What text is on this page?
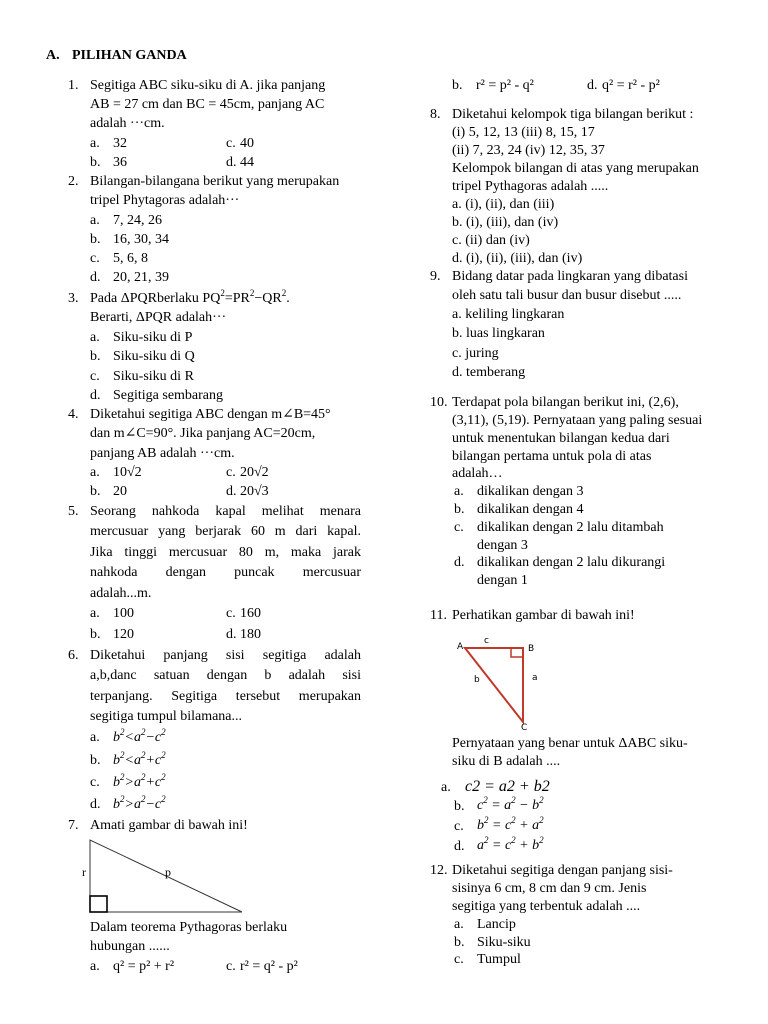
A. PILIHAN GANDA
1. Segitiga ABC siku-siku di A. jika panjang
AB = 27 cm dan BC = 45cm, panjang AC
adalah ···cm.
a. 32
b. 36
c. 40
d. 44
2. Bilangan-bilangana berikut yang merupakan
tripel Phytagoras adalah···
a. 7, 24, 26
b. 16, 30, 34
c. 5, 6, 8
d. 20, 21, 39
3. Pada ΔPQRberlaku $PQ^2=PR^2-QR^2$.
Berarti, ΔPQR adalah···
a. Siku-siku di P
b. Siku-siku di Q
c. Siku-siku di R
d. Segitiga sembarang
4. Diketahui segitiga ABC dengan m∠B=45°
dan m∠C=90°. Jika panjang AC=20cm,
panjang AB adalah ···cm.
a. 10√2
b. 20
c. 20√2
d. 20√3
5. Seorang nahkoda kapal melihat menara
mercusuar yang berjarak 60 m dari kapal.
Jika tinggi mercusuar 80 m, maka jarak
nahkoda dengan puncak mercusuar
adalah...m.
a. 100
b. 120
c. 160
d. 180
6. Diketahui panjang sisi segitiga adalah
a,b,danc satuan dengan b adalah sisi
terpanjang. Segitiga tersebut merupakan
segitiga tumpul bilamana...
a. $b^2<a^2-c^2$
b. $b^2<a^2+c^2$
c. $b^2>a^2+c^2$
d. $b^2>a^2-c^2$
7. Amati gambar di bawah ini!
r	p
Dalam teorema Pythagoras berlaku
hubungan ......
a. q² = p² + r²	c. r² = q² - p²
b. r² = p² - q²	d. q² = r² - p²
8. Diketahui kelompok tiga bilangan berikut :
(i) 5, 12, 13 (iii) 8, 15, 17
(ii) 7, 23, 24 (iv) 12, 35, 37
Kelompok bilangan di atas yang merupakan
tripel Pythagoras adalah .....
a. (i), (ii), dan (iii)
b. (i), (iii), dan (iv)
c. (ii) dan (iv)
d. (i), (ii), (iii), dan (iv)
9. Bidang datar pada lingkaran yang dibatasi
oleh satu tali busur dan busur disebut .....
a. keliling lingkaran
b. luas lingkaran
c. juring
d. temberang
10. Terdapat pola bilangan berikut ini, (2,6),
(3,11), (5,19). Pernyataan yang paling sesuai
untuk menentukan bilangan kedua dari
bilangan pertama untuk pola di atas
adalah…
a. dikalikan dengan 3
b. dikalikan dengan 4
c. dikalikan dengan 2 lalu ditambah
dengan 3
d. dikalikan dengan 2 lalu dikurangi
dengan 1
11. Perhatikan gambar di bawah ini!
A	B
C
c
b	a
Pernyataan yang benar untuk ΔABC siku-
siku di B adalah ....
a. c2 = a2 + b2
b. $c^2 = a^2 - b^2$
c. $b^2 = c^2 + a^2$
d. $a^2 = c^2 + b^2$
12. Diketahui segitiga dengan panjang sisi-
sisinya 6 cm, 8 cm dan 9 cm. Jenis
segitiga yang terbentuk adalah ....
a. Lancip
b. Siku-siku
c. Tumpul
